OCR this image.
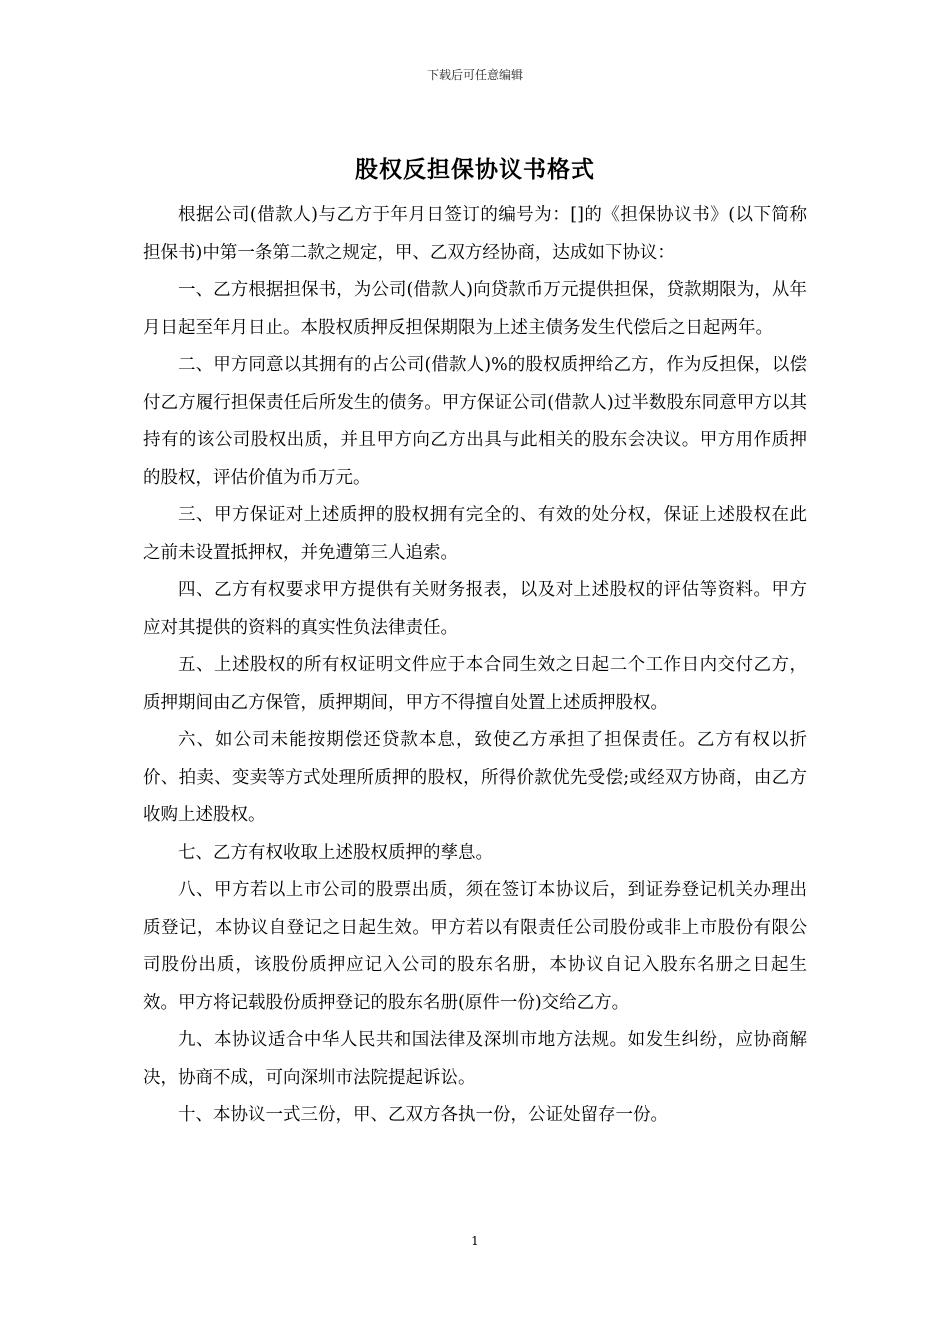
下载后可任意编辑
股权反担保协议书格式

根据公司(借款人)与乙方于年月日签订的编号为：[]的《担保协议书》(以下简称担保书)中第一条第二款之规定，甲、乙双方经协商，达成如下协议：

一、乙方根据担保书，为公司(借款人)向贷款币万元提供担保，贷款期限为，从年月日起至年月日止。本股权质押反担保期限为上述主债务发生代偿后之日起两年。

二、甲方同意以其拥有的占公司(借款人)%的股权质押给乙方，作为反担保，以偿付乙方履行担保责任后所发生的债务。甲方保证公司(借款人)过半数股东同意甲方以其持有的该公司股权出质，并且甲方向乙方出具与此相关的股东会决议。甲方用作质押的股权，评估价值为币万元。

三、甲方保证对上述质押的股权拥有完全的、有效的处分权，保证上述股权在此之前未设置抵押权，并免遭第三人追索。

四、乙方有权要求甲方提供有关财务报表，以及对上述股权的评估等资料。甲方应对其提供的资料的真实性负法律责任。

五、上述股权的所有权证明文件应于本合同生效之日起二个工作日内交付乙方，质押期间由乙方保管，质押期间，甲方不得擅自处置上述质押股权。

六、如公司未能按期偿还贷款本息，致使乙方承担了担保责任。乙方有权以折价、拍卖、变卖等方式处理所质押的股权，所得价款优先受偿;或经双方协商，由乙方收购上述股权。

七、乙方有权收取上述股权质押的孳息。

八、甲方若以上市公司的股票出质，须在签订本协议后，到证券登记机关办理出质登记，本协议自登记之日起生效。甲方若以有限责任公司股份或非上市股份有限公司股份出质，该股份质押应记入公司的股东名册，本协议自记入股东名册之日起生效。甲方将记载股份质押登记的股东名册(原件一份)交给乙方。

九、本协议适合中华人民共和国法律及深圳市地方法规。如发生纠纷，应协商解决，协商不成，可向深圳市法院提起诉讼。

十、本协议一式三份，甲、乙双方各执一份，公证处留存一份。

1
